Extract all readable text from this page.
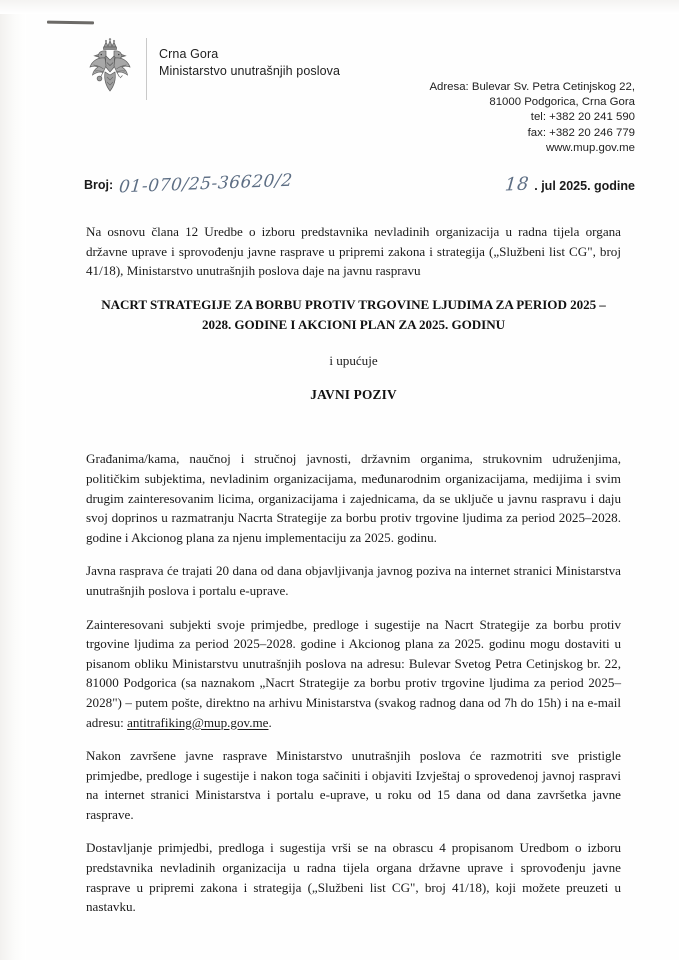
Crna Gora
Ministarstvo unutrašnjih poslova
Adresa: Bulevar Sv. Petra Cetinjskog 22,
81000 Podgorica, Crna Gora
tel: +382 20 241 590
fax: +382 20 246 779
www.mup.gov.me
Broj: 01-070/25-36620/2	18 . jul 2025. godine

Na osnovu člana 12 Uredbe o izboru predstavnika nevladinih organizacija u radna tijela organa državne uprave i sprovođenju javne rasprave u pripremi zakona i strategija („Službeni list CG", broj 41/18), Ministarstvo unutrašnjih poslova daje na javnu raspravu

NACRT STRATEGIJE ZA BORBU PROTIV TRGOVINE LJUDIMA ZA PERIOD 2025 – 2028. GODINE I AKCIONI PLAN ZA 2025. GODINU

i upućuje

JAVNI POZIV

Građanima/kama, naučnoj i stručnoj javnosti, državnim organima, strukovnim udruženjima, političkim subjektima, nevladinim organizacijama, međunarodnim organizacijama, medijima i svim drugim zainteresovanim licima, organizacijama i zajednicama, da se uključe u javnu raspravu i daju svoj doprinos u razmatranju Nacrta Strategije za borbu protiv trgovine ljudima za period 2025–2028. godine i Akcionog plana za njenu implementaciju za 2025. godinu.

Javna rasprava će trajati 20 dana od dana objavljivanja javnog poziva na internet stranici Ministarstva unutrašnjih poslova i portalu e-uprave.

Zainteresovani subjekti svoje primjedbe, predloge i sugestije na Nacrt Strategije za borbu protiv trgovine ljudima za period 2025–2028. godine i Akcionog plana za 2025. godinu mogu dostaviti u pisanom obliku Ministarstvu unutrašnjih poslova na adresu: Bulevar Svetog Petra Cetinjskog br. 22, 81000 Podgorica (sa naznakom „Nacrt Strategije za borbu protiv trgovine ljudima za period 2025–2028") – putem pošte, direktno na arhivu Ministarstva (svakog radnog dana od 7h do 15h) i na e-mail adresu: antitrafiking@mup.gov.me.

Nakon završene javne rasprave Ministarstvo unutrašnjih poslova će razmotriti sve pristigle primjedbe, predloge i sugestije i nakon toga sačiniti i objaviti Izvještaj o sprovedenoj javnoj raspravi na internet stranici Ministarstva i portalu e-uprave, u roku od 15 dana od dana završetka javne rasprave.

Dostavljanje primjedbi, predloga i sugestija vrši se na obrascu 4 propisanom Uredbom o izboru predstavnika nevladinih organizacija u radna tijela organa državne uprave i sprovođenju javne rasprave u pripremi zakona i strategija („Službeni list CG", broj 41/18), koji možete preuzeti u nastavku.
